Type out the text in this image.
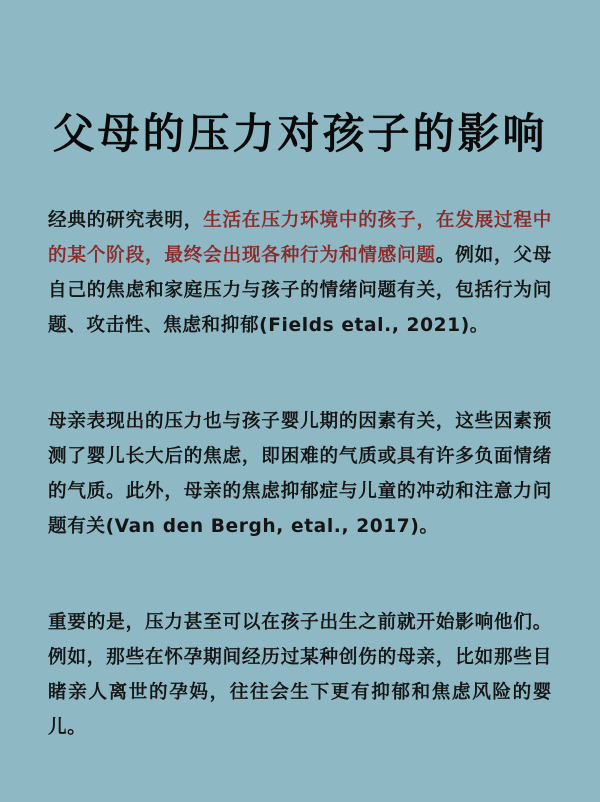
父母的压力对孩子的影响
经典的研究表明，生活在压力环境中的孩子，在发展过程中的某个阶段，最终会出现各种行为和情感问题。例如，父母自己的焦虑和家庭压力与孩子的情绪问题有关，包括行为问题、攻击性、焦虑和抑郁(Fields etal., 2021)。
母亲表现出的压力也与孩子婴儿期的因素有关，这些因素预测了婴儿长大后的焦虑，即困难的气质或具有许多负面情绪的气质。此外，母亲的焦虑抑郁症与儿童的冲动和注意力问题有关(Van den Bergh, etal., 2017)。
重要的是，压力甚至可以在孩子出生之前就开始影响他们。例如，那些在怀孕期间经历过某种创伤的母亲，比如那些目睹亲人离世的孕妈，往往会生下更有抑郁和焦虑风险的婴儿。
